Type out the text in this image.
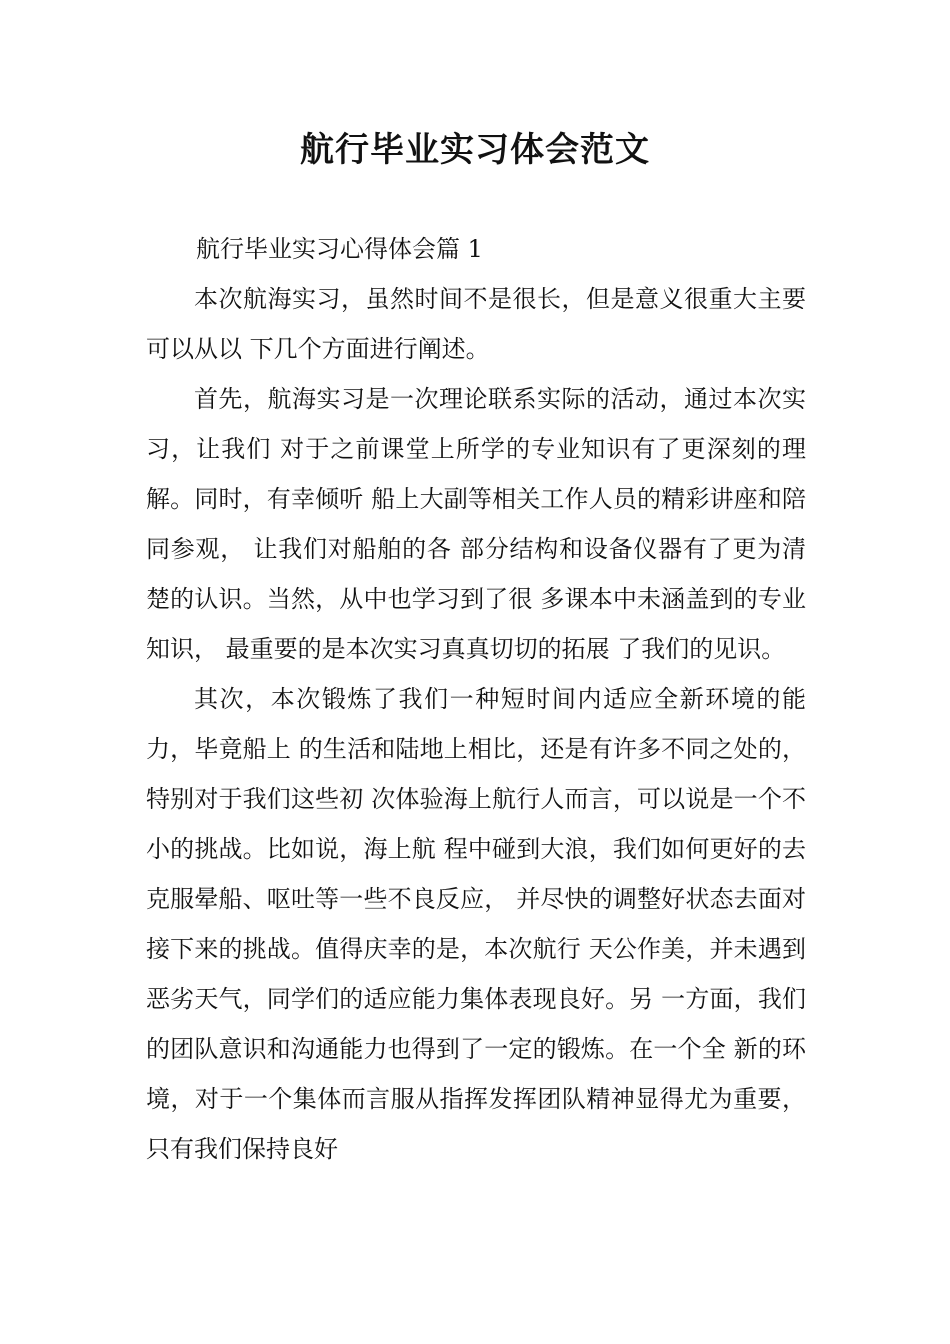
航行毕业实习体会范文
航行毕业实习心得体会篇 1

本次航海实习，虽然时间不是很长，但是意义很重大主要可以从以 下几个方面进行阐述。

首先，航海实习是一次理论联系实际的活动，通过本次实习，让我们 对于之前课堂上所学的专业知识有了更深刻的理解。同时，有幸倾听 船上大副等相关工作人员的精彩讲座和陪同参观， 让我们对船舶的各 部分结构和设备仪器有了更为清楚的认识。当然，从中也学习到了很 多课本中未涵盖到的专业知识， 最重要的是本次实习真真切切的拓展 了我们的见识。

其次，本次锻炼了我们一种短时间内适应全新环境的能力，毕竟船上 的生活和陆地上相比，还是有许多不同之处的，特别对于我们这些初 次体验海上航行人而言，可以说是一个不小的挑战。比如说，海上航 程中碰到大浪，我们如何更好的去克服晕船、呕吐等一些不良反应， 并尽快的调整好状态去面对接下来的挑战。值得庆幸的是，本次航行 天公作美，并未遇到恶劣天气，同学们的适应能力集体表现良好。另 一方面，我们的团队意识和沟通能力也得到了一定的锻炼。在一个全 新的环境，对于一个集体而言服从指挥发挥团队精神显得尤为重要， 只有我们保持良好
